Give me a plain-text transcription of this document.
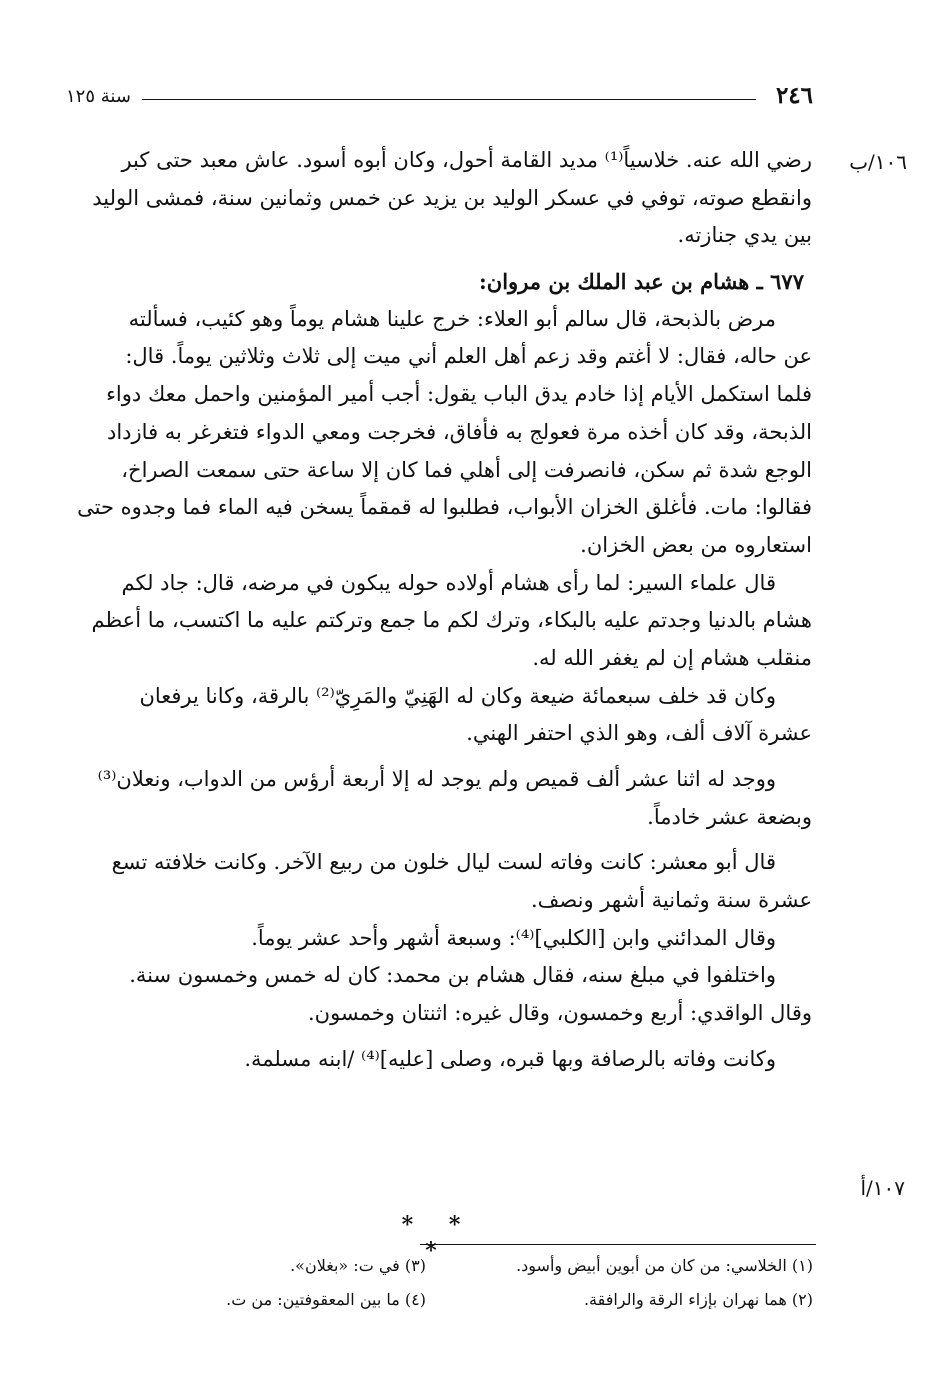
٢٤٦
سنة ١٢٥
١٠٦/ب
١٠٧/أ
رضي الله عنه. خلاسياً⁽¹⁾ مديد القامة أحول، وكان أبوه أسود. عاش معبد حتى كبر
وانقطع صوته، توفي في عسكر الوليد بن يزيد عن خمس وثمانين سنة، فمشى الوليد
بين يدي جنازته.
٦٧٧ ـ هشام بن عبد الملك بن مروان:
مرض بالذبحة، قال سالم أبو العلاء: خرج علينا هشام يوماً وهو كئيب، فسألته
عن حاله، فقال: لا أغتم وقد زعم أهل العلم أني ميت إلى ثلاث وثلاثين يوماً. قال:
فلما استكمل الأيام إذا خادم يدق الباب يقول: أجب أمير المؤمنين واحمل معك دواء
الذبحة، وقد كان أخذه مرة فعولج به فأفاق، فخرجت ومعي الدواء فتغرغر به فازداد
الوجع شدة ثم سكن، فانصرفت إلى أهلي فما كان إلا ساعة حتى سمعت الصراخ،
فقالوا: مات. فأغلق الخزان الأبواب، فطلبوا له قمقماً يسخن فيه الماء فما وجدوه حتى
استعاروه من بعض الخزان.
قال علماء السير: لما رأى هشام أولاده حوله يبكون في مرضه، قال: جاد لكم
هشام بالدنيا وجدتم عليه بالبكاء، وترك لكم ما جمع وتركتم عليه ما اكتسب، ما أعظم
منقلب هشام إن لم يغفر الله له.
وكان قد خلف سبعمائة ضيعة وكان له الهَنِيّ والمَرِيّ⁽²⁾ بالرقة، وكانا يرفعان
عشرة آلاف ألف، وهو الذي احتفر الهني.
ووجد له اثنا عشر ألف قميص ولم يوجد له إلا أربعة أرؤس من الدواب، ونعلان⁽³⁾
وبضعة عشر خادماً.
قال أبو معشر: كانت وفاته لست ليال خلون من ربيع الآخر. وكانت خلافته تسع
عشرة سنة وثمانية أشهر ونصف.
وقال المدائني وابن [الكلبي]⁽⁴⁾: وسبعة أشهر وأحد عشر يوماً.
واختلفوا في مبلغ سنه، فقال هشام بن محمد: كان له خمس وخمسون سنة.
وقال الواقدي: أربع وخمسون، وقال غيره: اثنتان وخمسون.
وكانت وفاته بالرصافة وبها قبره، وصلى [عليه]⁽⁴⁾ /ابنه مسلمة.
* * *
(١) الخلاسي: من كان من أبوين أبيض وأسود.
(٣) في ت: «بغلان».
(٢) هما نهران بإزاء الرقة والرافقة.
(٤) ما بين المعقوفتين: من ت.
